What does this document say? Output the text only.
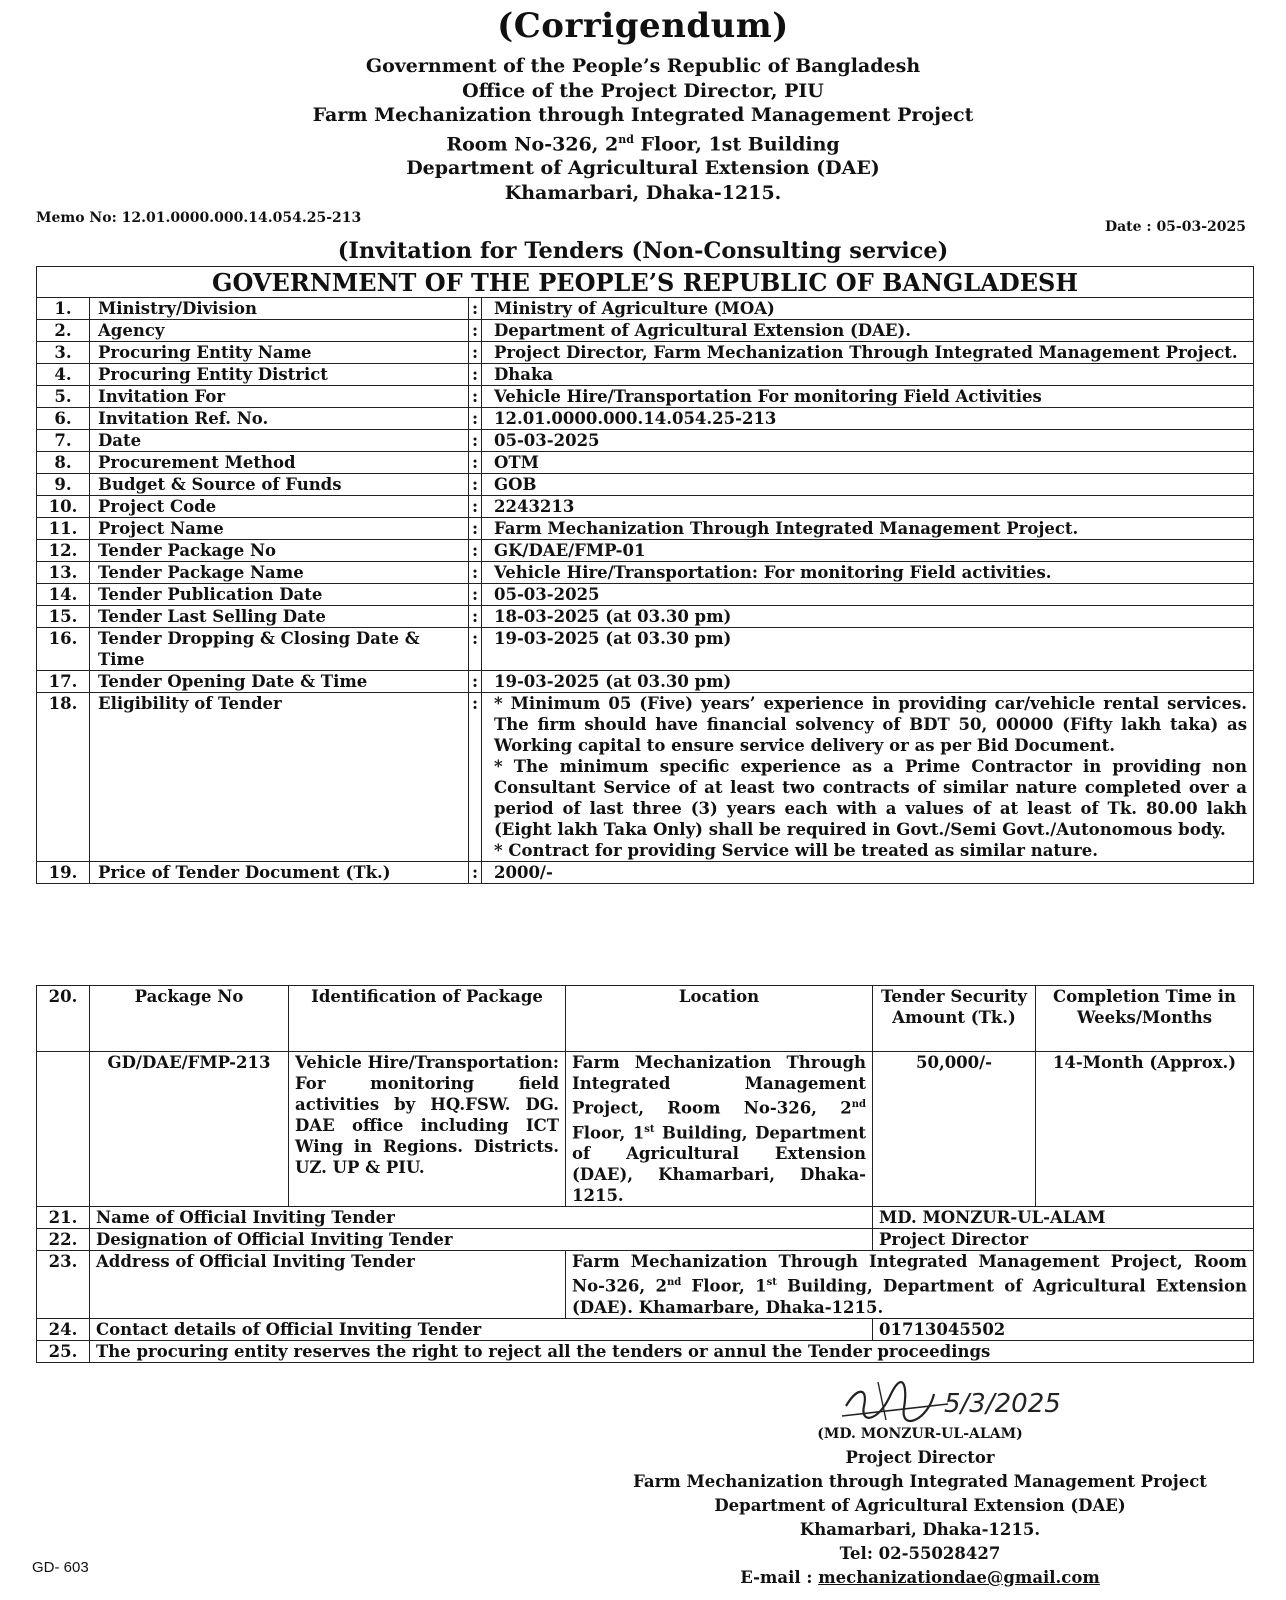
(Corrigendum)
Government of the People’s Republic of Bangladesh
Office of the Project Director, PIU
Farm Mechanization through Integrated Management Project
Room No-326, 2nd Floor, 1st Building
Department of Agricultural Extension (DAE)
Khamarbari, Dhaka-1215.
Memo No: 12.01.0000.000.14.054.25-213
Date : 05-03-2025
(Invitation for Tenders (Non-Consulting service)
GOVERNMENT OF THE PEOPLE’S REPUBLIC OF BANGLADESH			
1.	Ministry/Division	:	Ministry of Agriculture (MOA)
2.	Agency	:	Department of Agricultural Extension (DAE).
3.	Procuring Entity Name	:	Project Director, Farm Mechanization Through Integrated Management Project.
4.	Procuring Entity District	:	Dhaka
5.	Invitation For	:	Vehicle Hire/Transportation For monitoring Field Activities
6.	Invitation Ref. No.	:	12.01.0000.000.14.054.25-213
7.	Date	:	05-03-2025
8.	Procurement Method	:	OTM
9.	Budget & Source of Funds	:	GOB
10.	Project Code	:	2243213
11.	Project Name	:	Farm Mechanization Through Integrated Management Project.
12.	Tender Package No	:	GK/DAE/FMP-01
13.	Tender Package Name	:	Vehicle Hire/Transportation: For monitoring Field activities.
14.	Tender Publication Date	:	05-03-2025
15.	Tender Last Selling Date	:	18-03-2025 (at 03.30 pm)
16.	Tender Dropping & Closing Date & Time	:	19-03-2025 (at 03.30 pm)
17.	Tender Opening Date & Time	:	19-03-2025 (at 03.30 pm)
18.	Eligibility of Tender	:	* Minimum 05 (Five) years’ experience in providing car/vehicle rental services. The firm should have financial solvency of BDT 50, 00000 (Fifty lakh taka) as Working capital to ensure service delivery or as per Bid Document.
* The minimum specific experience as a Prime Contractor in providing non Consultant Service of at least two contracts of similar nature completed over a period of last three (3) years each with a values of at least of Tk. 80.00 lakh (Eight lakh Taka Only) shall be required in Govt./Semi Govt./Autonomous body.
* Contract for providing Service will be treated as similar nature.

19.	Price of Tender Document (Tk.)	:	2000/-
20.	Package No	Identification of Package	Location	Tender Security Amount (Tk.)	Completion Time in Weeks/Months
	GD/DAE/FMP-213	Vehicle Hire/Transportation: For monitoring field activities by HQ.FSW. DG. DAE office including ICT Wing in Regions. Districts. UZ. UP & PIU.	Farm Mechanization Through Integrated Management Project, Room No-326, 2nd Floor, 1st Building, Department of Agricultural Extension (DAE), Khamarbari, Dhaka-1215.	50,000/-	14-Month (Approx.)
21.	Name of Official Inviting Tender			MD. MONZUR-UL-ALAM	
22.	Designation of Official Inviting Tender			Project Director	
23.	Address of Official Inviting Tender		Farm Mechanization Through Integrated Management Project, Room No-326, 2nd Floor, 1st Building, Department of Agricultural Extension (DAE). Khamarbare, Dhaka-1215.		
24.	Contact details of Official Inviting Tender			01713045502	
25.	The procuring entity reserves the right to reject all the tenders or annul the Tender proceedings				
5/3/2025
(MD. MONZUR-UL-ALAM)
Project Director
Farm Mechanization through Integrated Management Project
Department of Agricultural Extension (DAE)
Khamarbari, Dhaka-1215.
Tel: 02-55028427
E-mail : mechanizationdae@gmail.com
GD- 603
